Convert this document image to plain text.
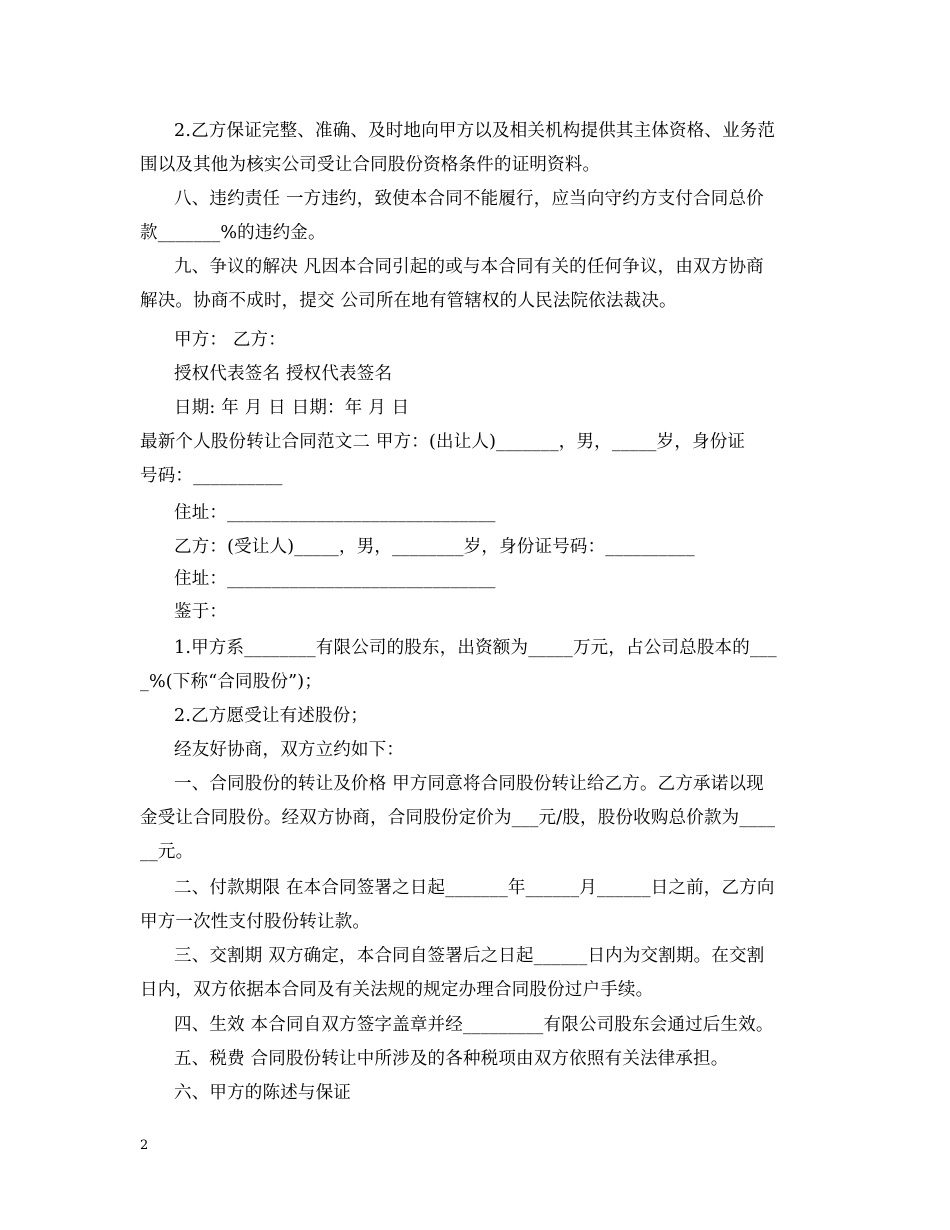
2.乙方保证完整、准确、及时地向甲方以及相关机构提供其主体资格、业务范
围以及其他为核实公司受让合同股份资格条件的证明资料。
八、违约责任 一方违约，致使本合同不能履行，应当向守约方支付合同总价
款_______%的违约金。
九、争议的解决 凡因本合同引起的或与本合同有关的任何争议，由双方协商
解决。协商不成时，提交 公司所在地有管辖权的人民法院依法裁决。
甲方： 乙方：
授权代表签名 授权代表签名
日期: 年 月 日 日期：年 月 日
最新个人股份转让合同范文二 甲方：(出让人)_______，男，_____岁，身份证
号码：__________
住址：______________________________
乙方：(受让人)_____，男，________岁，身份证号码：__________
住址：______________________________
鉴于：
1.甲方系________有限公司的股东，出资额为_____万元，占公司总股本的___
_%(下称“合同股份”)；
2.乙方愿受让有述股份；
经友好协商，双方立约如下：
一、合同股份的转让及价格 甲方同意将合同股份转让给乙方。乙方承诺以现
金受让合同股份。经双方协商，合同股份定价为___元/股，股份收购总价款为____
__元。
二、付款期限 在本合同签署之日起_______年______月______日之前，乙方向
甲方一次性支付股份转让款。
三、交割期 双方确定，本合同自签署后之日起______日内为交割期。在交割
日内，双方依据本合同及有关法规的规定办理合同股份过户手续。
四、生效 本合同自双方签字盖章并经_________有限公司股东会通过后生效。
五、税费 合同股份转让中所涉及的各种税项由双方依照有关法律承担。
六、甲方的陈述与保证
2
